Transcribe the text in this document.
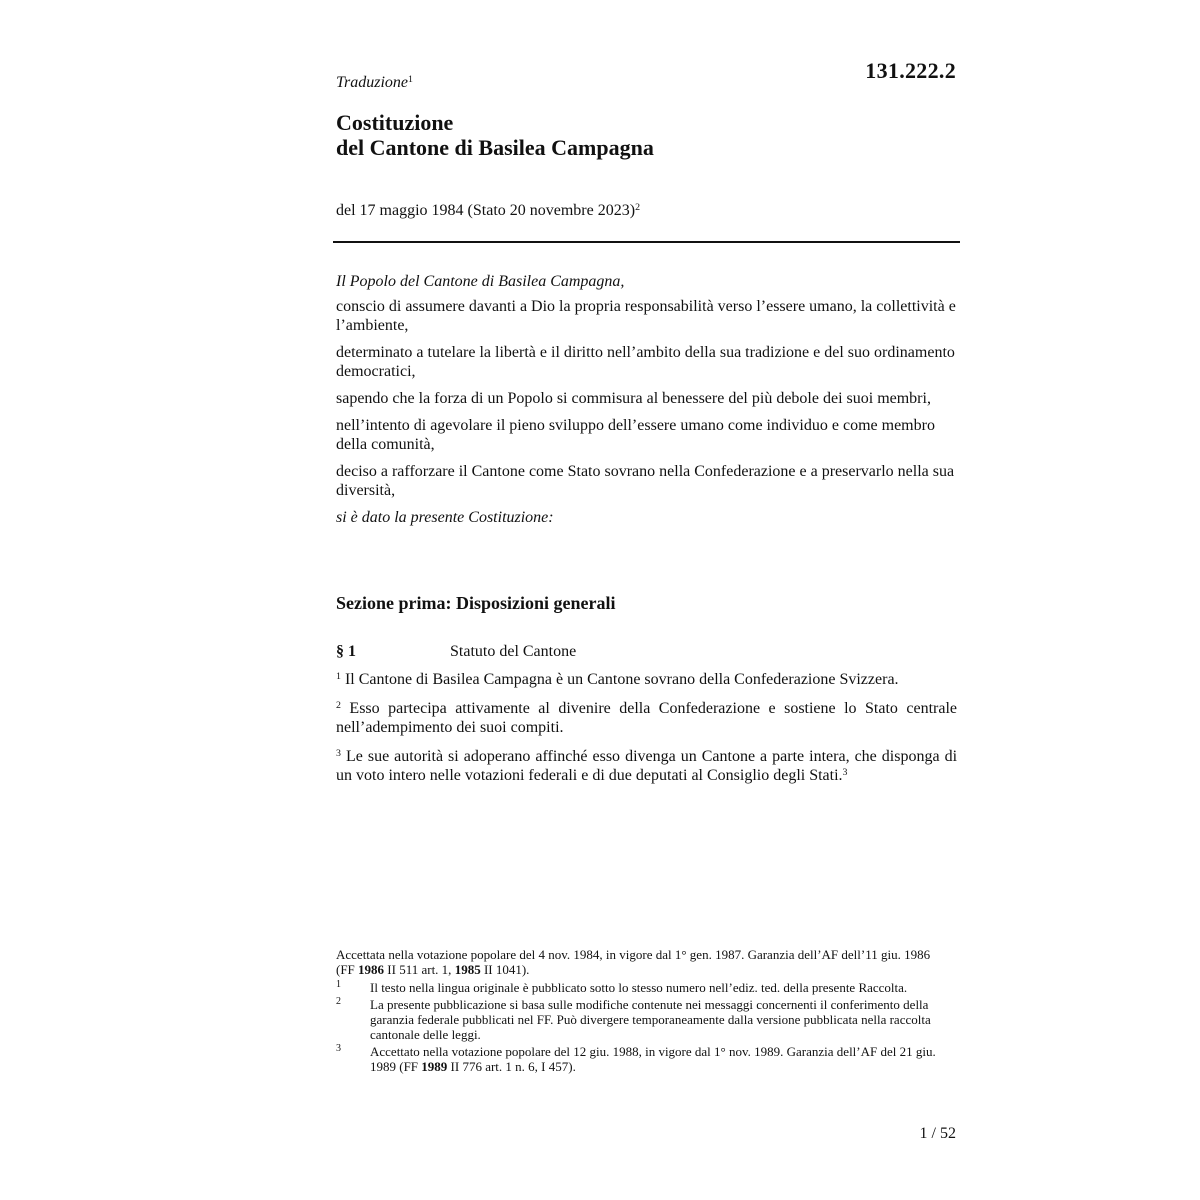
131.222.2
Traduzione$^1$
Costituzione
del Cantone di Basilea Campagna
del 17 maggio 1984 (Stato 20 novembre 2023)$^2$

Il Popolo del Cantone di Basilea Campagna,

conscio di assumere davanti a Dio la propria responsabilità verso l’essere umano, la collettività e l’ambiente,

determinato a tutelare la libertà e il diritto nell’ambito della sua tradizione e del suo ordinamento democratici,

sapendo che la forza di un Popolo si commisura al benessere del più debole dei suoi membri,

nell’intento di agevolare il pieno sviluppo dell’essere umano come individuo e come membro della comunità,

deciso a rafforzare il Cantone come Stato sovrano nella Confederazione e a preservarlo nella sua diversità,

si è dato la presente Costituzione:

Sezione prima: Disposizioni generali
§ 1	Statuto del Cantone

$^1$ Il Cantone di Basilea Campagna è un Cantone sovrano della Confederazione Svizzera.

$^2$ Esso partecipa attivamente al divenire della Confederazione e sostiene lo Stato centrale nell’adempimento dei suoi compiti.

$^3$ Le sue autorità si adoperano affinché esso divenga un Cantone a parte intera, che disponga di un voto intero nelle votazioni federali e di due deputati al Consiglio degli Stati.$^3$

Accettata nella votazione popolare del 4 nov. 1984, in vigore dal 1° gen. 1987. Garanzia dell’AF dell’11 giu. 1986 (FF 1986 II 511 art. 1, 1985 II 1041).

1 Il testo nella lingua originale è pubblicato sotto lo stesso numero nell’ediz. ted. della presente Raccolta.
2 La presente pubblicazione si basa sulle modifiche contenute nei messaggi concernenti il conferimento della garanzia federale pubblicati nel FF. Può divergere temporaneamente dalla versione pubblicata nella raccolta cantonale delle leggi.
3 Accettato nella votazione popolare del 12 giu. 1988, in vigore dal 1° nov. 1989. Garanzia dell’AF del 21 giu. 1989 (FF 1989 II 776 art. 1 n. 6, I 457).
1 / 52
